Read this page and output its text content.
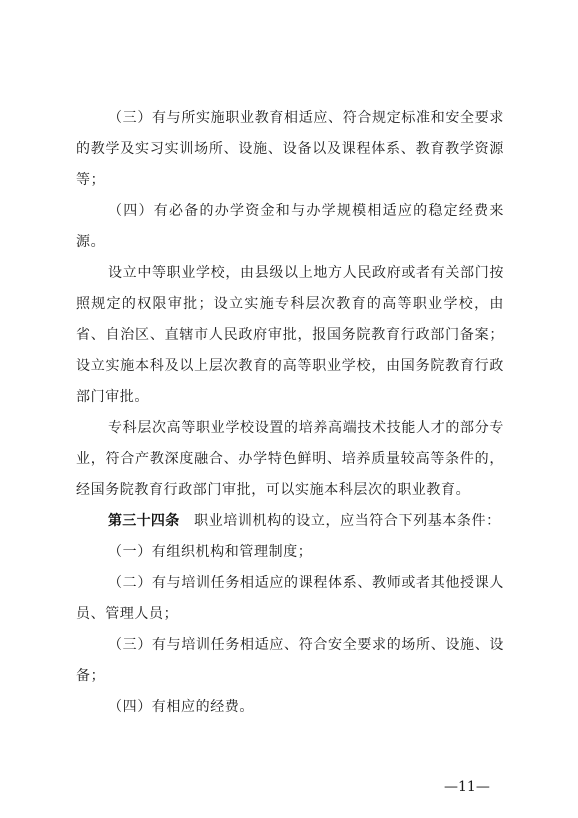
（三）有与所实施职业教育相适应、符合规定标准和安全要求的教学及实习实训场所、设施、设备以及课程体系、教育教学资源等；

（四）有必备的办学资金和与办学规模相适应的稳定经费来源。

设立中等职业学校，由县级以上地方人民政府或者有关部门按照规定的权限审批；设立实施专科层次教育的高等职业学校，由省、自治区、直辖市人民政府审批，报国务院教育行政部门备案；设立实施本科及以上层次教育的高等职业学校，由国务院教育行政部门审批。

专科层次高等职业学校设置的培养高端技术技能人才的部分专业，符合产教深度融合、办学特色鲜明、培养质量较高等条件的，经国务院教育行政部门审批，可以实施本科层次的职业教育。

第三十四条　 职业培训机构的设立，应当符合下列基本条件：

（一）有组织机构和管理制度；

（二）有与培训任务相适应的课程体系、教师或者其他授课人员、管理人员；

（三）有与培训任务相适应、符合安全要求的场所、设施、设备；

（四）有相应的经费。

—11—
